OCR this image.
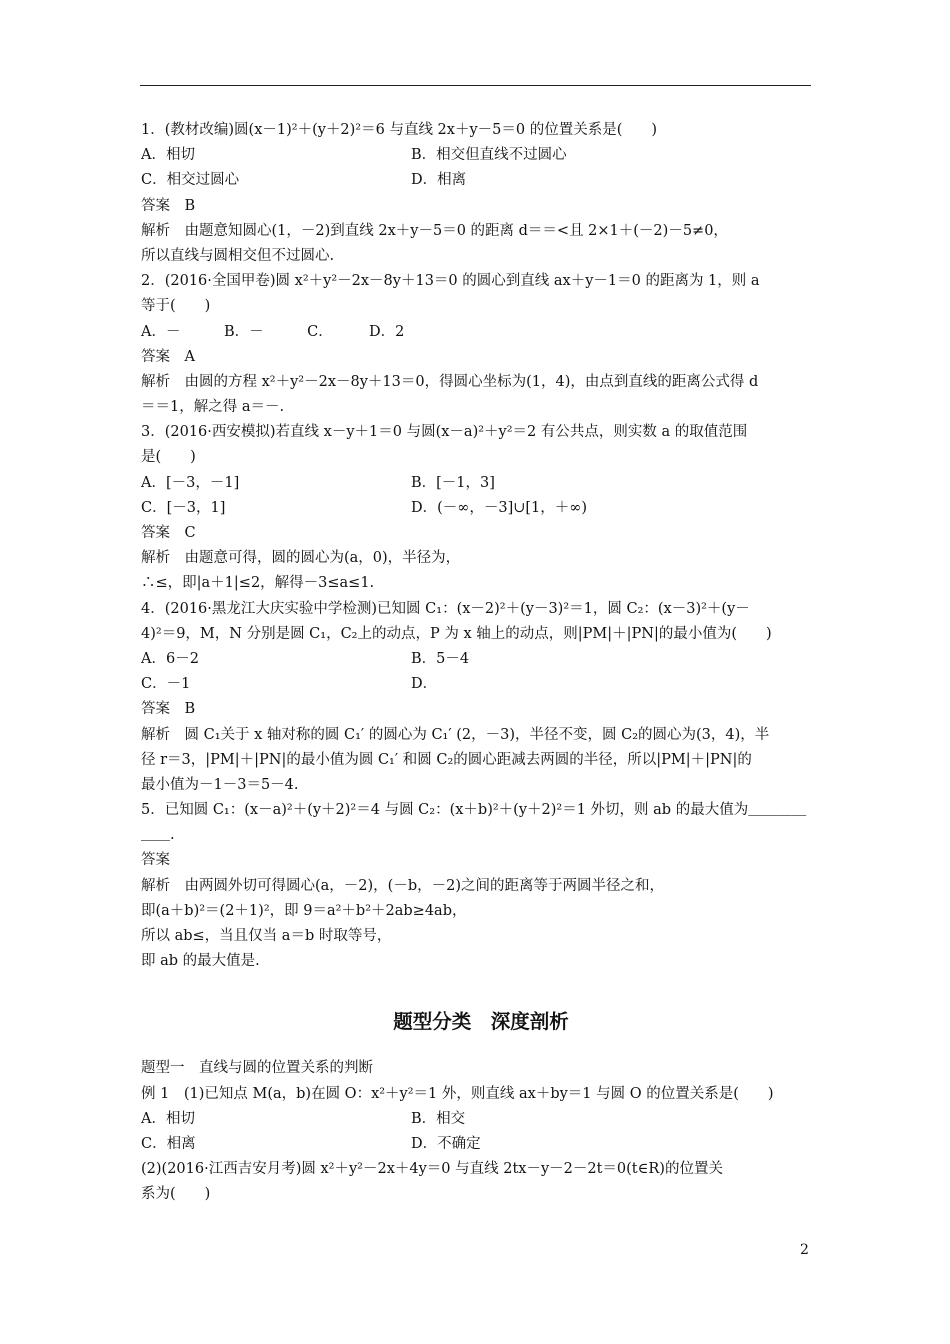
1．(教材改编)圆(x－1)²＋(y＋2)²＝6 与直线 2x＋y－5＝0 的位置关系是(　　)
A．相切	B．相交但直线不过圆心
C．相交过圆心	D．相离
答案　B
解析　由题意知圆心(1，－2)到直线 2x＋y－5＝0 的距离 d＝＝<且 2×1＋(－2)－5≠0，
所以直线与圆相交但不过圆心.
2．(2016·全国甲卷)圆 x²＋y²－2x－8y＋13＝0 的圆心到直线 ax＋y－1＝0 的距离为 1，则 a
等于(　　)
A．－　　　B．－　　　C．　　　D．2
答案　A
解析　由圆的方程 x²＋y²－2x－8y＋13＝0，得圆心坐标为(1，4)，由点到直线的距离公式得 d
＝＝1，解之得 a＝－.
3．(2016·西安模拟)若直线 x－y＋1＝0 与圆(x－a)²＋y²＝2 有公共点，则实数 a 的取值范围
是(　　)
A．[－3，－1]	B．[－1，3]
C．[－3，1]	D．(－∞，－3]∪[1，＋∞)
答案　C
解析　由题意可得，圆的圆心为(a，0)，半径为，
∴≤，即|a＋1|≤2，解得－3≤a≤1.
4．(2016·黑龙江大庆实验中学检测)已知圆 C₁：(x－2)²＋(y－3)²＝1，圆 C₂：(x－3)²＋(y－
4)²＝9，M，N 分别是圆 C₁，C₂上的动点，P 为 x 轴上的动点，则|PM|＋|PN|的最小值为(　　)
A．6－2	B．5－4
C．－1	D．
答案　B
解析　圆 C₁关于 x 轴对称的圆 C₁′ 的圆心为 C₁′ (2，－3)，半径不变，圆 C₂的圆心为(3，4)，半
径 r＝3，|PM|＋|PN|的最小值为圆 C₁′ 和圆 C₂的圆心距减去两圆的半径，所以|PM|＋|PN|的
最小值为－1－3＝5－4.
5．已知圆 C₁：(x－a)²＋(y＋2)²＝4 与圆 C₂：(x＋b)²＋(y＋2)²＝1 外切，则 ab 的最大值为＿＿＿＿
＿＿.
答案
解析　由两圆外切可得圆心(a，－2)，(－b，－2)之间的距离等于两圆半径之和，
即(a＋b)²＝(2＋1)²，即 9＝a²＋b²＋2ab≥4ab，
所以 ab≤，当且仅当 a＝b 时取等号，
即 ab 的最大值是.
题型分类　深度剖析
题型一　直线与圆的位置关系的判断
例 1　(1)已知点 M(a，b)在圆 O：x²＋y²＝1 外，则直线 ax＋by＝1 与圆 O 的位置关系是(　　)
A．相切	B．相交
C．相离	D．不确定
(2)(2016·江西吉安月考)圆 x²＋y²－2x＋4y＝0 与直线 2tx－y－2－2t＝0(t∈R)的位置关
系为(　　)
2
